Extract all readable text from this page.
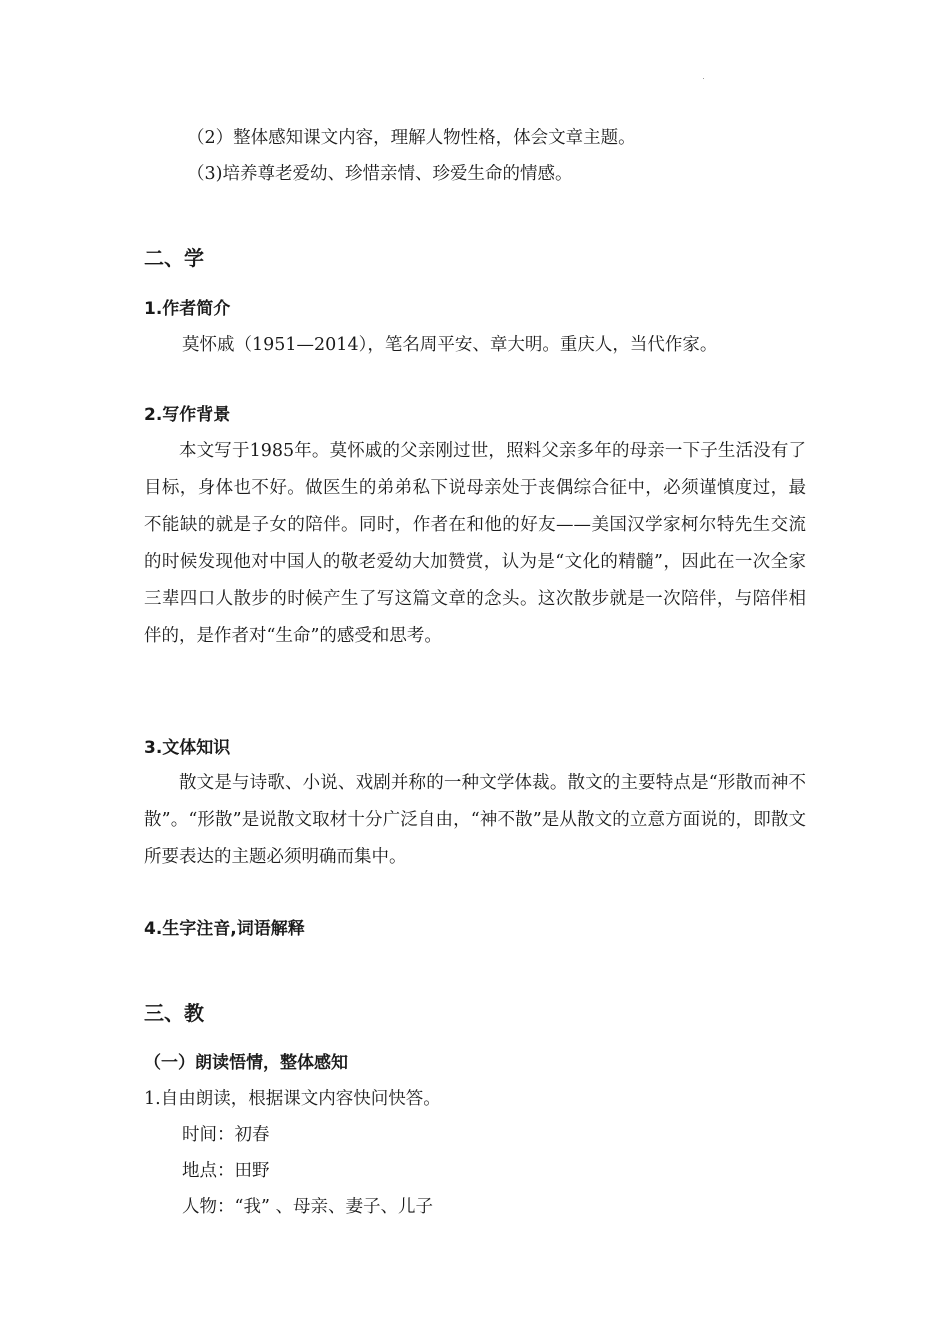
（2）整体感知课文内容，理解人物性格，体会文章主题。
（3)培养尊老爱幼、珍惜亲情、珍爱生命的情感。
二、学
1.作者简介
莫怀戚（1951—2014），笔名周平安、章大明。重庆人，当代作家。
2.写作背景
本文写于1985年。莫怀戚的父亲刚过世，照料父亲多年的母亲一下子生活没有了目标，身体也不好。做医生的弟弟私下说母亲处于丧偶综合征中，必须谨慎度过，最不能缺的就是子女的陪伴。同时，作者在和他的好友——美国汉学家柯尔特先生交流的时候发现他对中国人的敬老爱幼大加赞赏，认为是“文化的精髓”，因此在一次全家三辈四口人散步的时候产生了写这篇文章的念头。这次散步就是一次陪伴，与陪伴相伴的，是作者对“生命”的感受和思考。
3.文体知识
散文是与诗歌、小说、戏剧并称的一种文学体裁。散文的主要特点是“形散而神不散”。“形散”是说散文取材十分广泛自由，“神不散”是从散文的立意方面说的，即散文所要表达的主题必须明确而集中。
4.生字注音,词语解释
三、教
（一）朗读悟情，整体感知
1.自由朗读，根据课文内容快问快答。
时间：初春
地点：田野
人物：“我” 、母亲、妻子、儿子
